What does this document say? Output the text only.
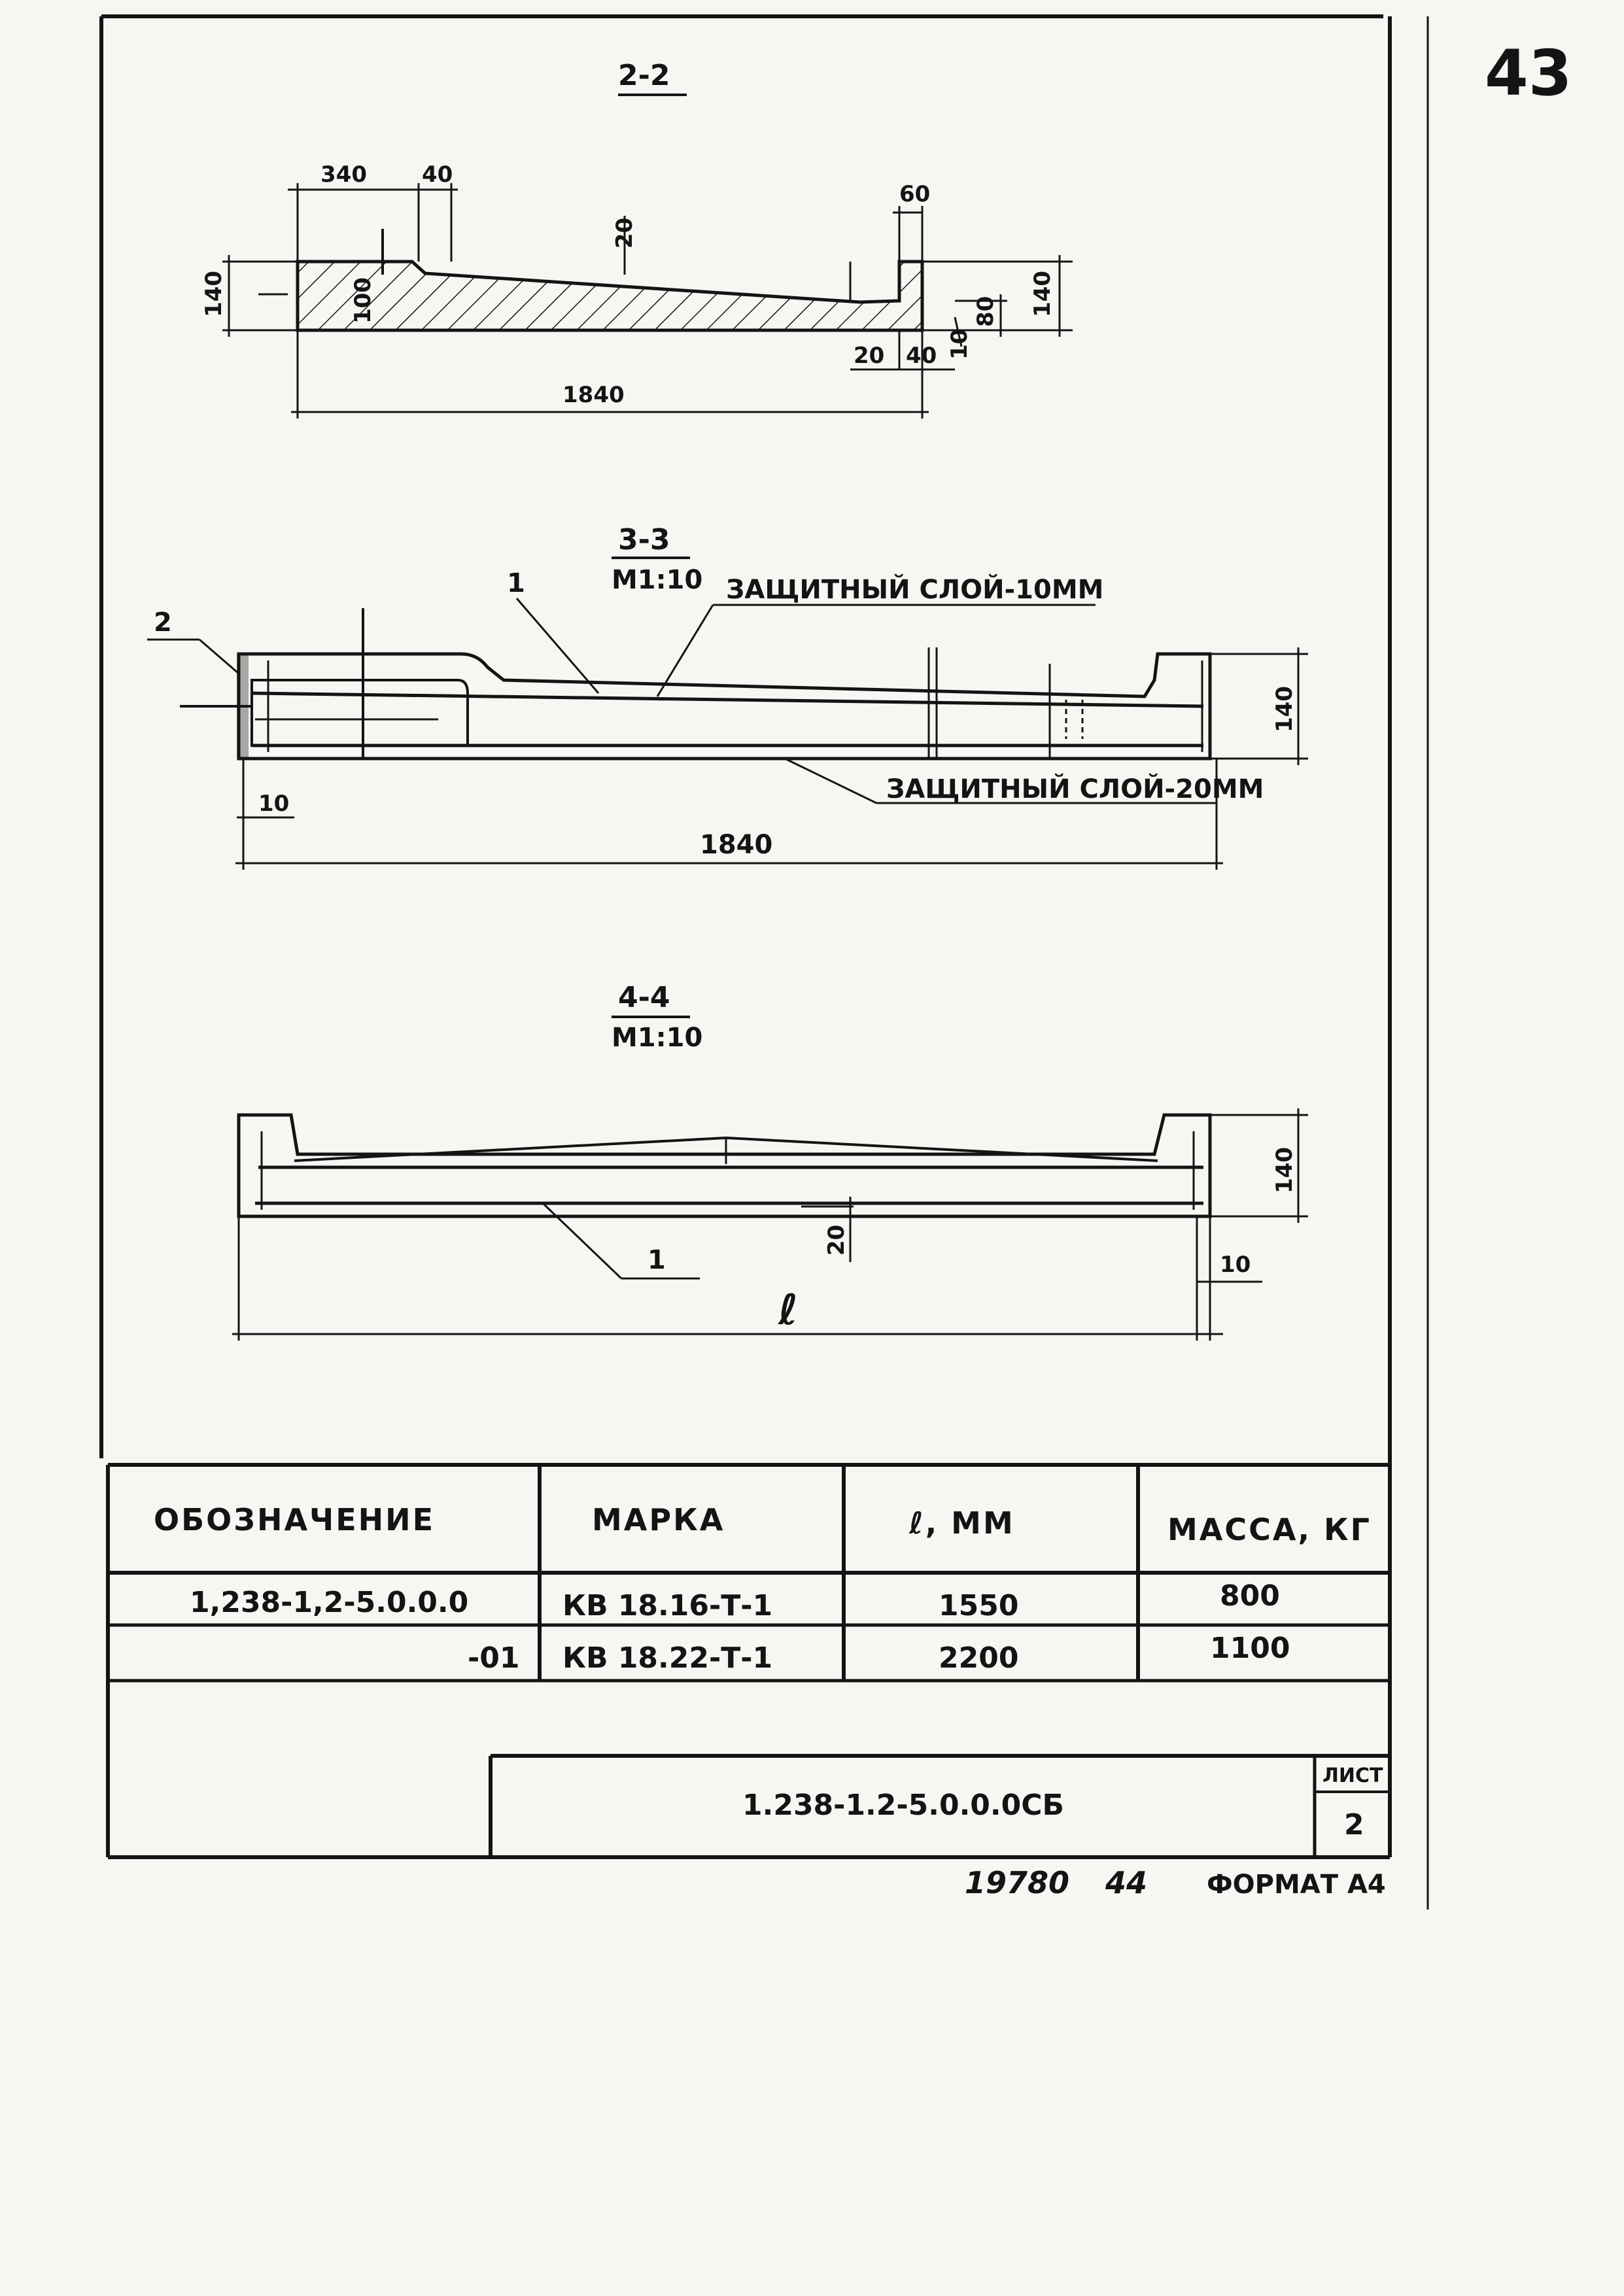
43
2-2
340 40
60
20
140	100	140
80
20 40 10
1840
3-3
M1:10 ЗАЩИТНЫЙ СЛОЙ-10ММ
1
2
140
ЗАЩИТНЫЙ СЛОЙ-20ММ
10
1840
4-4
M1:10
20
1
140
10
ℓ
ОБОЗНАЧЕНИЕ	МАРКА	ℓ, ММ	МАССА, КГ
1,238-1,2-5.0.0.0	КВ 18.16-Т-1	1550	800
-01 КВ 18.22-Т-1	2200	1100
1.238-1.2-5.0.0.0СБ
ЛИСТ
2
19780 44 ФОРМАТ А4
